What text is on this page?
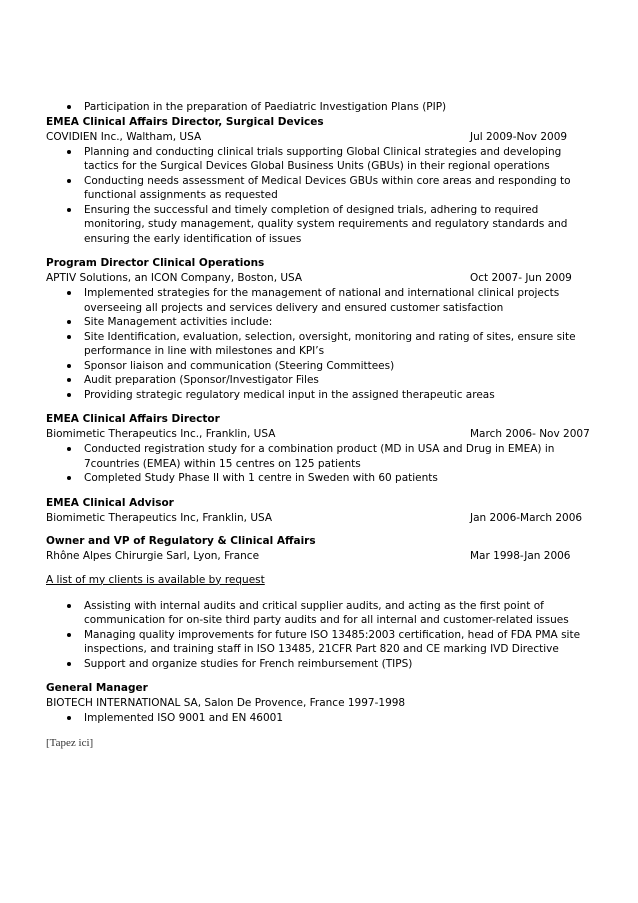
Participation in the preparation of Paediatric Investigation Plans (PIP)
EMEA Clinical Affairs Director, Surgical Devices
COVIDIEN Inc., Waltham, USA	Jul 2009-Nov 2009
Planning and conducting clinical trials supporting Global Clinical strategies and developing tactics for the Surgical Devices Global Business Units (GBUs) in their regional operations
Conducting needs assessment of Medical Devices GBUs within core areas and responding to functional assignments as requested
Ensuring the successful and timely completion of designed trials, adhering to required monitoring, study management, quality system requirements and regulatory standards and ensuring the early identification of issues
Program Director Clinical Operations
APTIV Solutions, an ICON Company, Boston, USA	Oct 2007- Jun 2009
Implemented strategies for the management of national and international clinical projects overseeing all projects and services delivery and ensured customer satisfaction
Site Management activities include:
Site Identification, evaluation, selection, oversight, monitoring and rating of sites, ensure site performance in line with milestones and KPI’s
Sponsor liaison and communication (Steering Committees)
Audit preparation (Sponsor/Investigator Files
Providing strategic regulatory medical input in the assigned therapeutic areas
EMEA Clinical Affairs Director
Biomimetic Therapeutics Inc., Franklin, USA	March 2006- Nov 2007
Conducted registration study for a combination product (MD in USA and Drug in EMEA) in 7countries (EMEA) within 15 centres on 125 patients
Completed Study Phase II with 1 centre in Sweden with 60 patients
EMEA Clinical Advisor
Biomimetic Therapeutics Inc, Franklin, USA	Jan 2006-March 2006
Owner and VP of Regulatory & Clinical Affairs
Rhône Alpes Chirurgie Sarl, Lyon, France	Mar 1998-Jan 2006
A list of my clients is available by request
Assisting with internal audits and critical supplier audits, and acting as the first point of communication for on-site third party audits and for all internal and customer-related issues
Managing quality improvements for future ISO 13485:2003 certification, head of FDA PMA site inspections, and training staff in ISO 13485, 21CFR Part 820 and CE marking IVD Directive
Support and organize studies for French reimbursement (TIPS)
General Manager
BIOTECH INTERNATIONAL SA, Salon De Provence, France 1997-1998
Implemented ISO 9001 and EN 46001
[Tapez ici]
